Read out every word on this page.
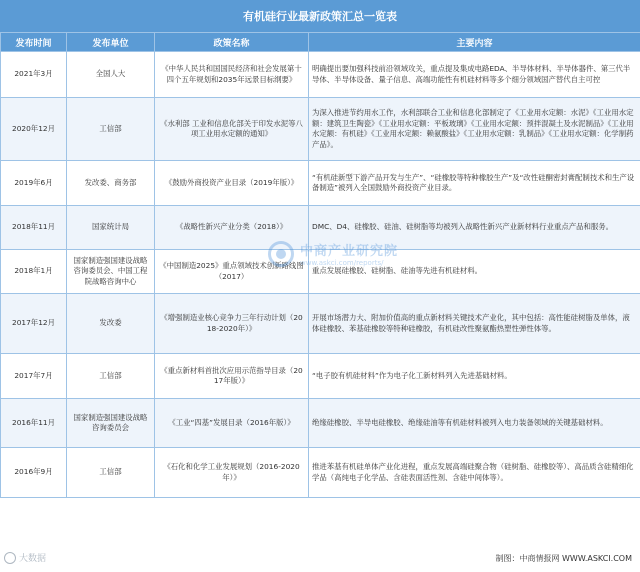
有机硅行业最新政策汇总一览表
发布时间	发布单位	政策名称	主要内容
2021年3月	全国人大	《中华人民共和国国民经济和社会发展第十四个五年规划和2035年远景目标纲要》	明确提出要加强科技前沿领域攻关，重点提及集成电路EDA、半导体材料、半导体器件、第三代半导体、半导体设备、量子信息、高端功能性有机硅材料等多个细分领域国产替代自主可控
2020年12月	工信部	《水利部 工业和信息化部关于印发水泥等八项工业用水定额的通知》	为深入推进节约用水工作，水利部联合工业和信息化部制定了《工业用水定额：水泥》《工业用水定额：建筑卫生陶瓷》《工业用水定额：平板玻璃》《工业用水定额：预拌混凝土及水泥制品》《工业用水定额：有机硅》《工业用水定额：赖氨酸盐》《工业用水定额：乳制品》《工业用水定额：化学制药产品》。
2019年6月	发改委、商务部	《鼓励外商投资产业目录（2019年版）》	“有机硅新型下游产品开发与生产”、“硅橡胶等特种橡胶生产”及“改性硅酮密封膏配制技术和生产设备制造”被列入全国鼓励外商投资产业目录。
2018年11月	国家统计局	《战略性新兴产业分类（2018）》	DMC、D4、硅橡胶、硅油、硅树脂等均被列入战略性新兴产业新材料行业重点产品和服务。
2018年1月	国家制造强国建设战略咨询委员会、中国工程院战略咨询中心	《中国制造2025》重点领域技术创新路线图（2017）	重点发展硅橡胶、硅树脂、硅油等先进有机硅材料。
2017年12月	发改委	《增强制造业核心竞争力三年行动计划（2018-2020年）》	开展市场潜力大、附加价值高的重点新材料关键技术产业化，其中包括：高性能硅树脂及单体，液体硅橡胶、苯基硅橡胶等特种硅橡胶，有机硅改性聚氨酯热塑性弹性体等。
2017年7月	工信部	《重点新材料首批次应用示范指导目录（2017年版）》	“电子胶有机硅材料”作为电子化工新材料列入先进基础材料。
2016年11月	国家制造强国建设战略咨询委员会	《工业“四基”发展目录（2016年版）》	绝缘硅橡胶、半导电硅橡胶、绝缘硅油等有机硅材料被列入电力装备领域的关键基础材料。
2016年9月	工信部	《石化和化学工业发展规划（2016-2020年）》	推进苯基有机硅单体产业化进程，重点发展高端硅聚合物（硅树脂、硅橡胶等）、高品质含硅精细化学品（高纯电子化学品、含硅表面活性剂、含硅中间体等）。
中商产业研究院
www.askci.com/reports/
大数据	制图：中商情报网 WWW.ASKCI.COM
